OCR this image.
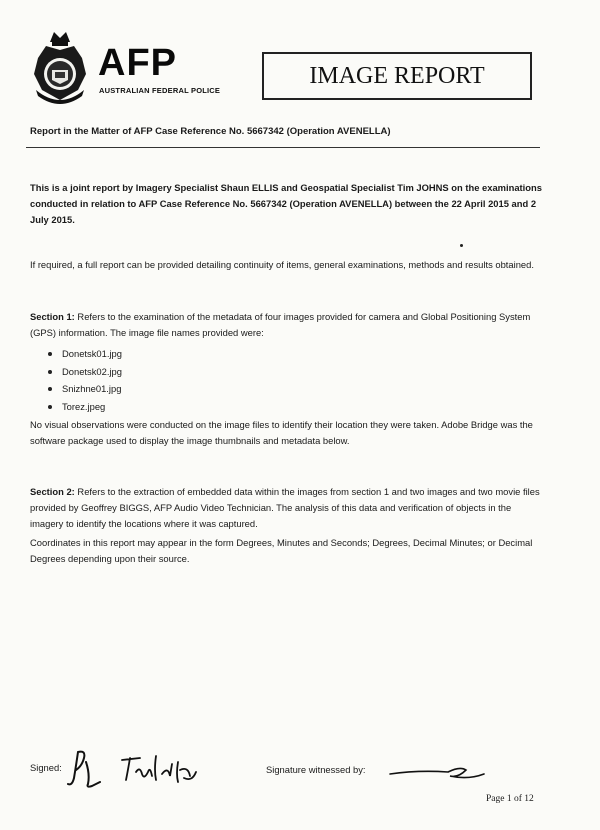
AFP
AUSTRALIAN FEDERAL POLICE
IMAGE REPORT
Report in the Matter of AFP Case Reference No. 5667342 (Operation AVENELLA)
This is a joint report by Imagery Specialist Shaun ELLIS and Geospatial Specialist Tim JOHNS on the examinations conducted in relation to AFP Case Reference No. 5667342 (Operation AVENELLA) between the 22 April 2015 and 2 July 2015.
If required, a full report can be provided detailing continuity of items, general examinations, methods and results obtained.
Section 1: Refers to the examination of the metadata of four images provided for camera and Global Positioning System (GPS) information. The image file names provided were:
Donetsk01.jpg
Donetsk02.jpg
Snizhne01.jpg
Torez.jpeg
No visual observations were conducted on the image files to identify their location they were taken. Adobe Bridge was the software package used to display the image thumbnails and metadata below.
Section 2: Refers to the extraction of embedded data within the images from section 1 and two images and two movie files provided by Geoffrey BIGGS, AFP Audio Video Technician. The analysis of this data and verification of objects in the imagery to identify the locations where it was captured.
Coordinates in this report may appear in the form Degrees, Minutes and Seconds; Degrees, Decimal Minutes; or Decimal Degrees depending upon their source.
Signed:	Signature witnessed by:
Page 1 of 12
